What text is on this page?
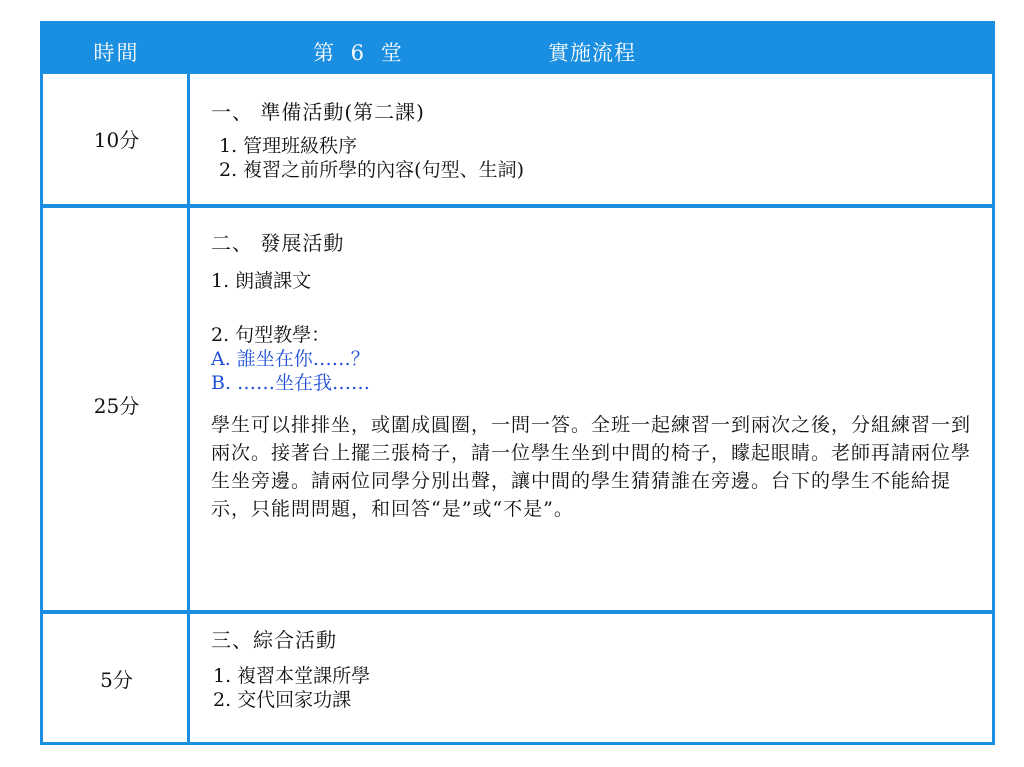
時間	第 6 堂	實施流程
10分
一、 準備活動(第二課)
1. 管理班級秩序
2. 複習之前所學的內容(句型、生詞)
25分
二、 發展活動
1. 朗讀課文
2. 句型教學：
A. 誰坐在你……？
B. ……坐在我……
學生可以排排坐，或圍成圓圈，一問一答。全班一起練習一到兩次之後，分組練習一到兩次。接著台上擺三張椅子，請一位學生坐到中間的椅子，矇起眼睛。老師再請兩位學生坐旁邊。請兩位同學分別出聲，讓中間的學生猜猜誰在旁邊。台下的學生不能給提示，只能問問題，和回答“是”或“不是”。
5分
三、綜合活動
1. 複習本堂課所學
2. 交代回家功課
